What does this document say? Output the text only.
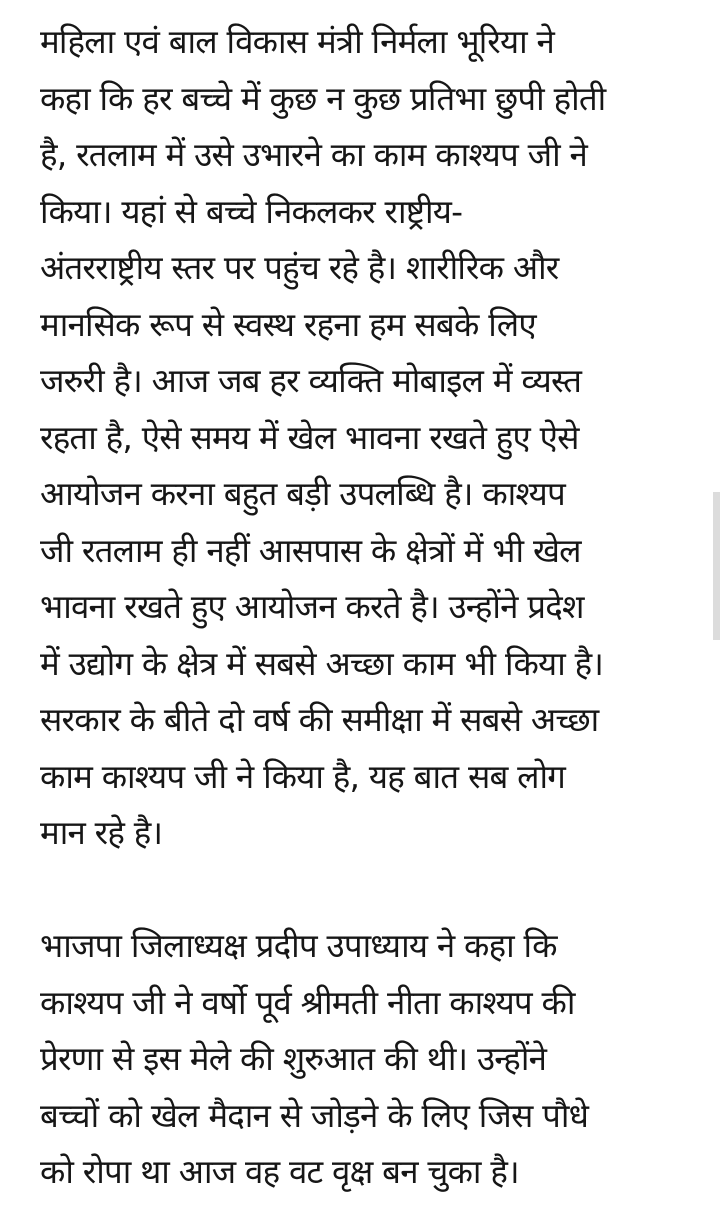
महिला एवं बाल विकास मंत्री निर्मला भूरिया ने
कहा कि हर बच्चे में कुछ न कुछ प्रतिभा छुपी होती
है, रतलाम में उसे उभारने का काम काश्यप जी ने
किया। यहां से बच्चे निकलकर राष्ट्रीय-
अंतरराष्ट्रीय स्तर पर पहुंच रहे है। शारीरिक और
मानसिक रूप से स्वस्थ रहना हम सबके लिए
जरुरी है। आज जब हर व्यक्ति मोबाइल में व्यस्त
रहता है, ऐसे समय में खेल भावना रखते हुए ऐसे
आयोजन करना बहुत बड़ी उपलब्धि है। काश्यप
जी रतलाम ही नहीं आसपास के क्षेत्रों में भी खेल
भावना रखते हुए आयोजन करते है। उन्होंने प्रदेश
में उद्योग के क्षेत्र में सबसे अच्छा काम भी किया है।
सरकार के बीते दो वर्ष की समीक्षा में सबसे अच्छा
काम काश्यप जी ने किया है, यह बात सब लोग
मान रहे है।
भाजपा जिलाध्यक्ष प्रदीप उपाध्याय ने कहा कि
काश्यप जी ने वर्षो पूर्व श्रीमती नीता काश्यप की
प्रेरणा से इस मेले की शुरुआत की थी। उन्होंने
बच्चों को खेल मैदान से जोड़ने के लिए जिस पौधे
को रोपा था आज वह वट वृक्ष बन चुका है।
